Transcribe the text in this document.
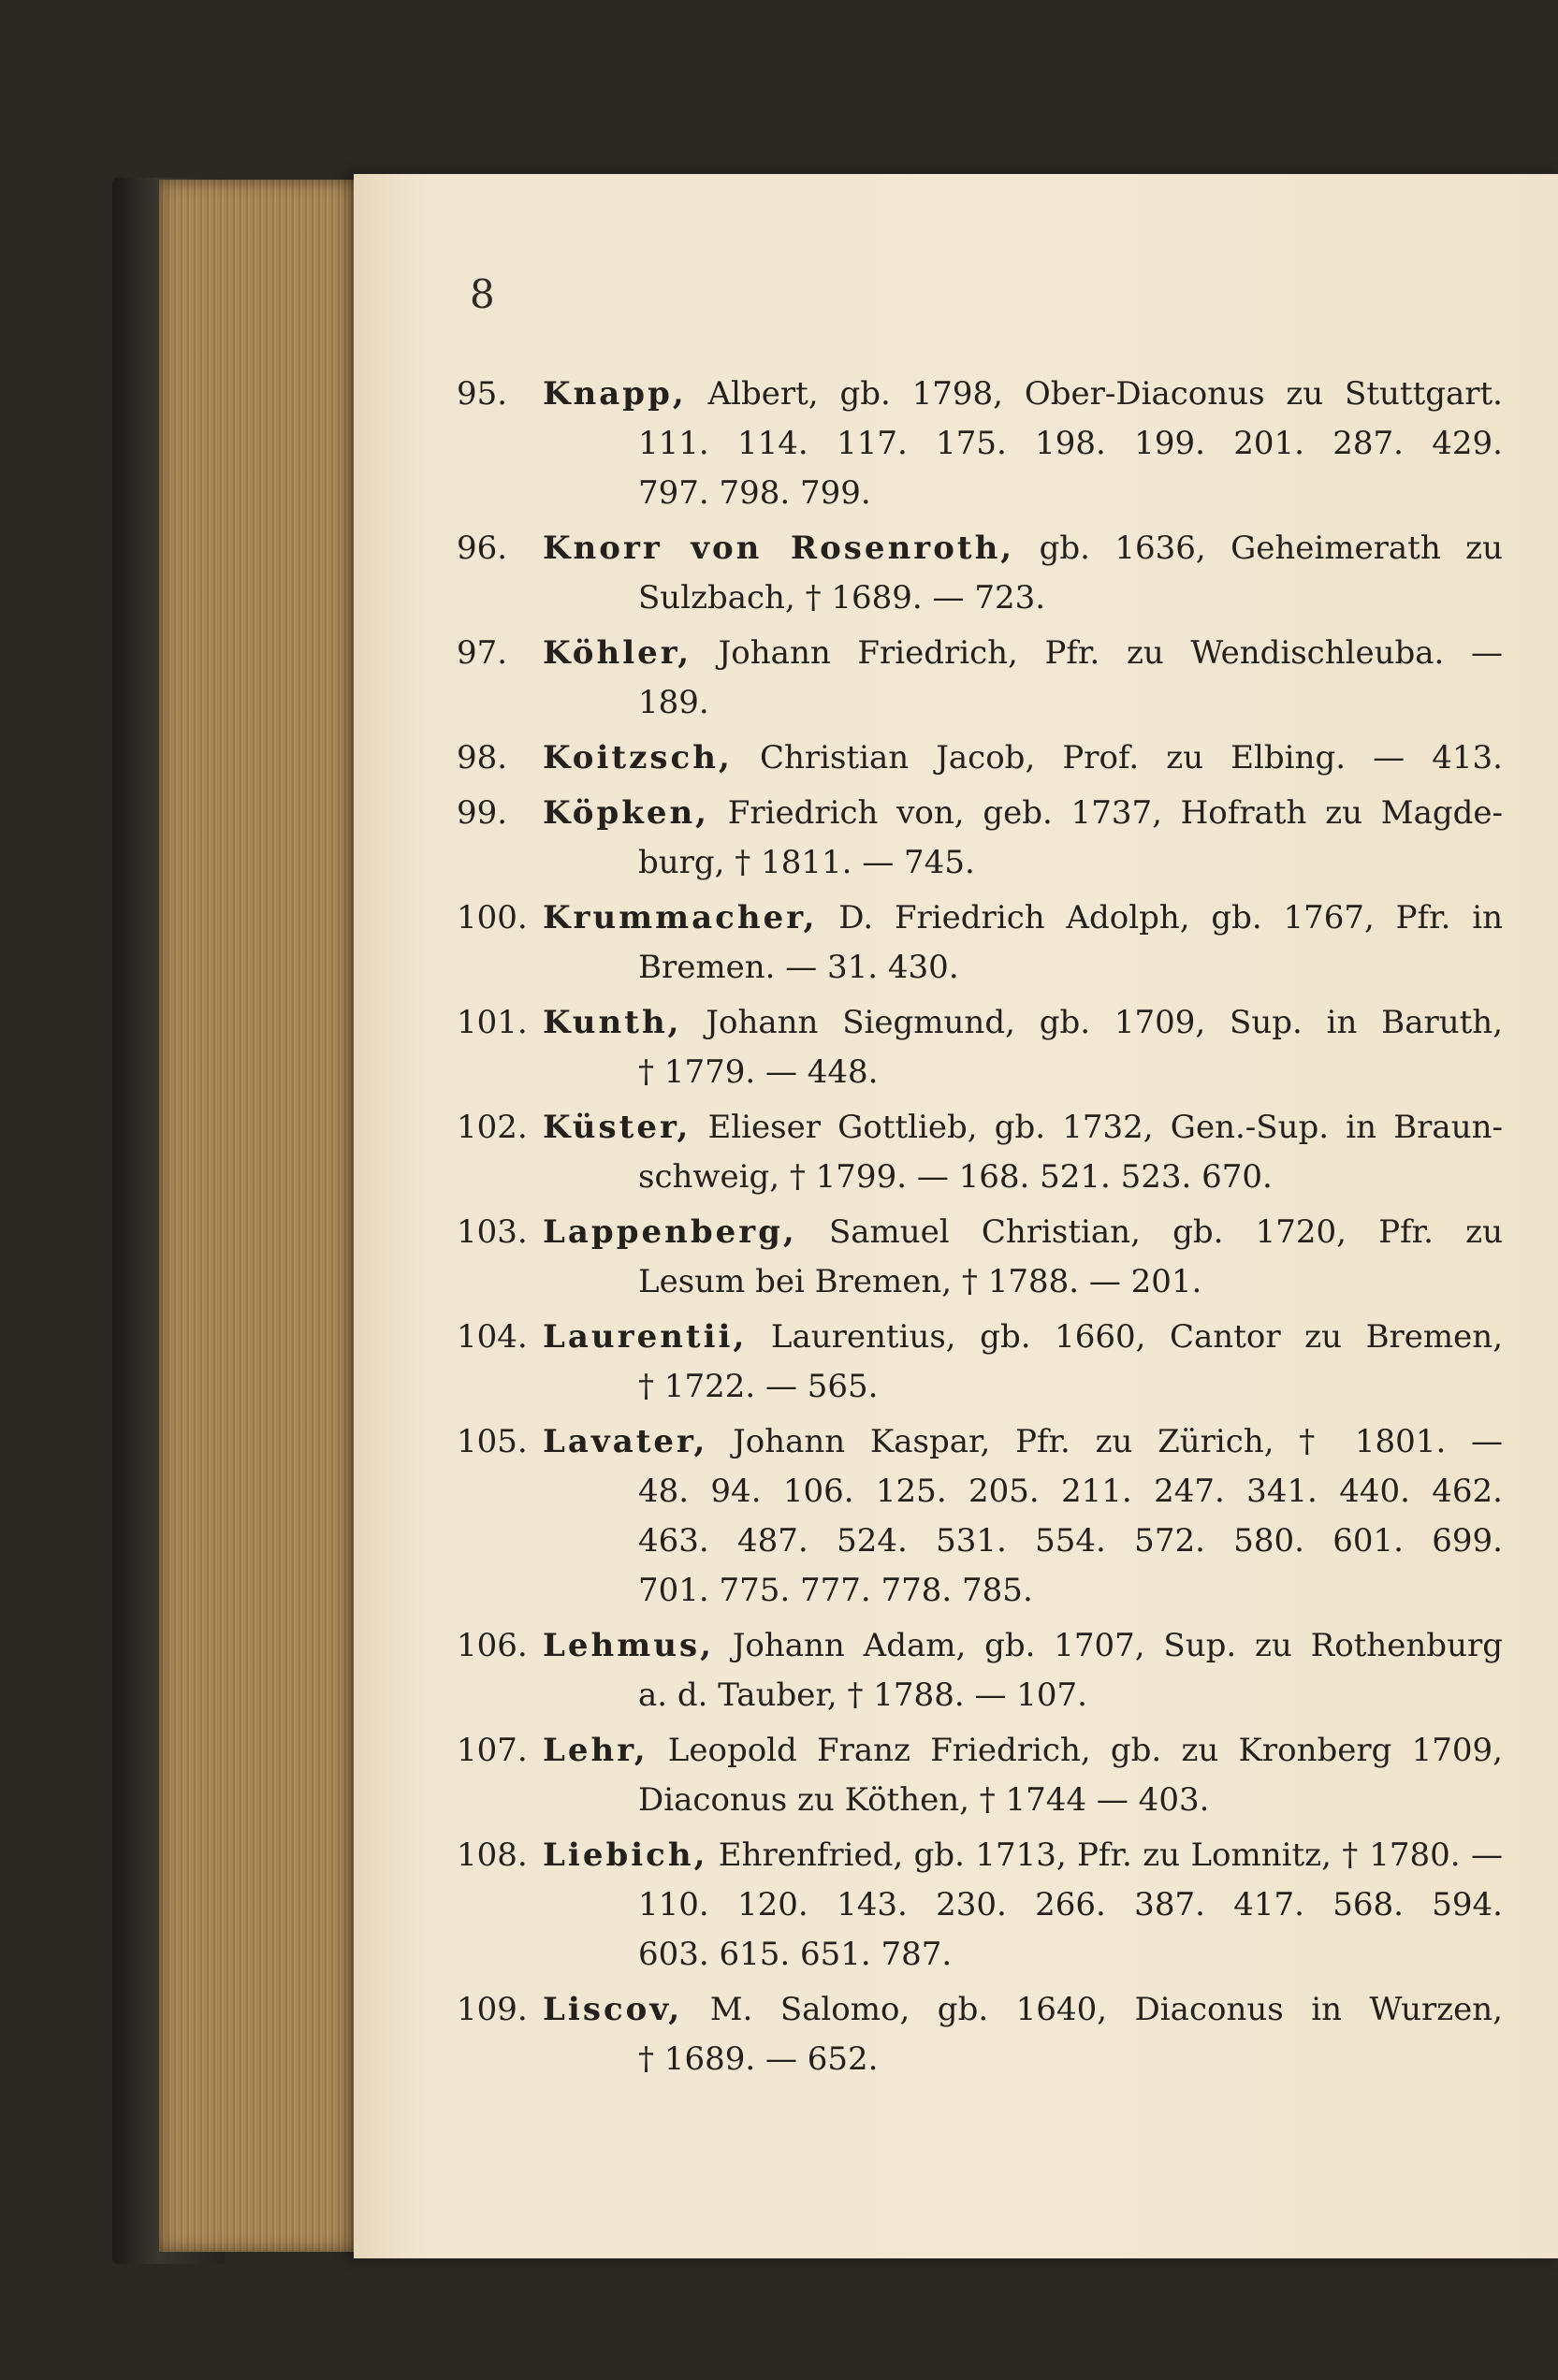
8
95.	Knapp, Albert, gb. 1798, Ober-Diaconus zu Stuttgart.
111. 114. 117. 175. 198. 199. 201. 287. 429.
797. 798. 799.
96.	Knorr von Rosenroth, gb. 1636, Geheimerath zu
Sulzbach, † 1689. — 723.
97.	Köhler, Johann Friedrich, Pfr. zu Wendischleuba. —
189.
98.	Koitzsch, Christian Jacob, Prof. zu Elbing. — 413.
99.	Köpken, Friedrich von, geb. 1737, Hofrath zu Magde-
burg, † 1811. — 745.
100. Krummacher, D. Friedrich Adolph, gb. 1767, Pfr. in
Bremen. — 31. 430.
101. Kunth, Johann Siegmund, gb. 1709, Sup. in Baruth,
† 1779. — 448.
102. Küster, Elieser Gottlieb, gb. 1732, Gen.-Sup. in Braun-
schweig, † 1799. — 168. 521. 523. 670.
103. Lappenberg, Samuel Christian, gb. 1720, Pfr. zu
Lesum bei Bremen, † 1788. — 201.
104. Laurentii, Laurentius, gb. 1660, Cantor zu Bremen,
† 1722. — 565.
105. Lavater, Johann Kaspar, Pfr. zu Zürich, † 1801. —
48. 94. 106. 125. 205. 211. 247. 341. 440. 462.
463. 487. 524. 531. 554. 572. 580. 601. 699.
701. 775. 777. 778. 785.
106. Lehmus, Johann Adam, gb. 1707, Sup. zu Rothenburg
a. d. Tauber, † 1788. — 107.
107. Lehr, Leopold Franz Friedrich, gb. zu Kronberg 1709,
Diaconus zu Köthen, † 1744 — 403.
108. Liebich, Ehrenfried, gb. 1713, Pfr. zu Lomnitz, † 1780. —
110. 120. 143. 230. 266. 387. 417. 568. 594.
603. 615. 651. 787.
109. Liscov, M. Salomo, gb. 1640, Diaconus in Wurzen,
† 1689. — 652.
